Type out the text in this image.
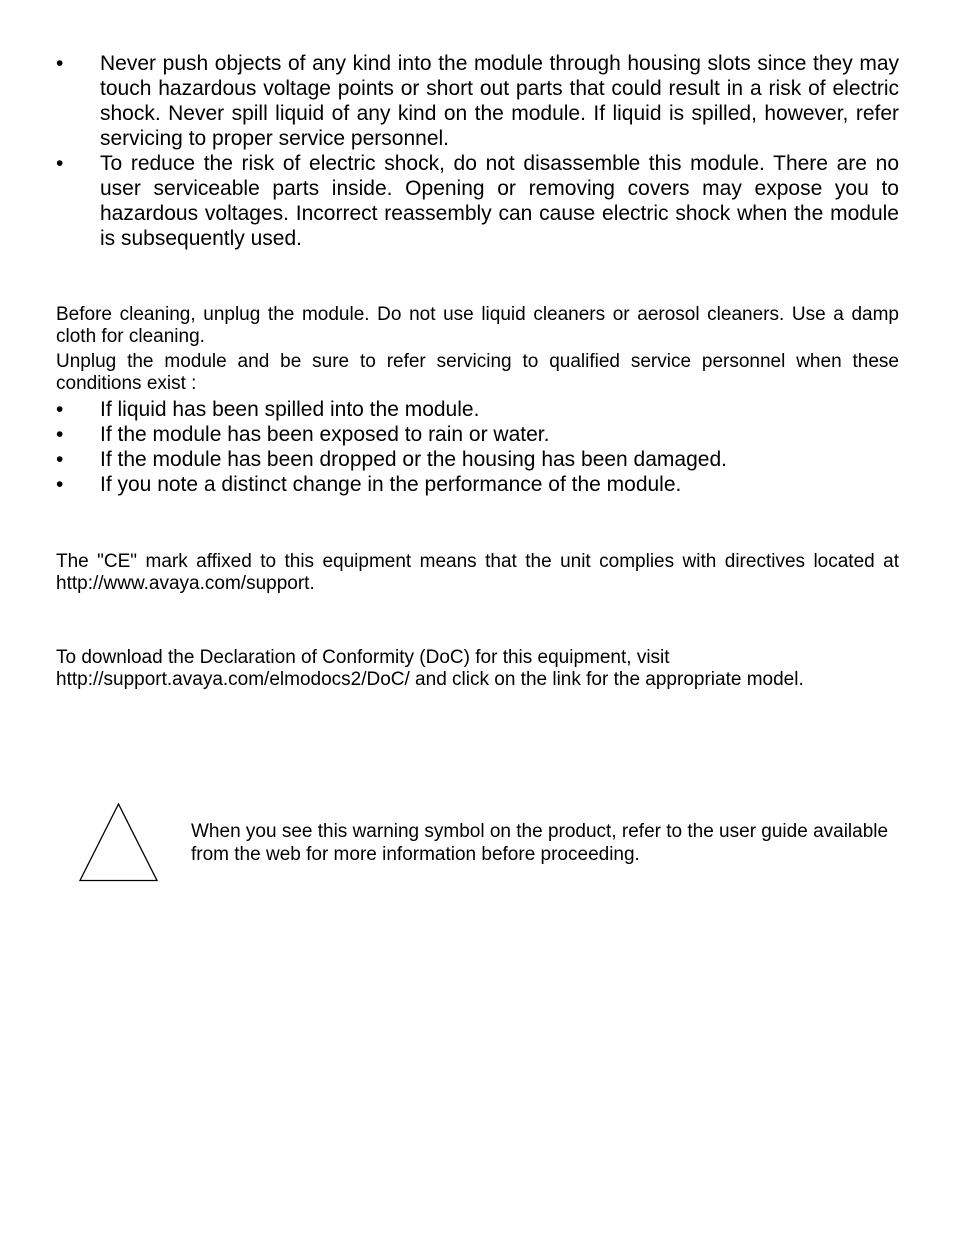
• Never push objects of any kind into the module through housing slots since they may touch hazardous voltage points or short out parts that could result in a risk of electric shock. Never spill liquid of any kind on the module. If liquid is spilled, however, refer servicing to proper service personnel.
• To reduce the risk of electric shock, do not disassemble this module. There are no user serviceable parts inside. Opening or removing covers may expose you to hazardous voltages. Incorrect reassembly can cause electric shock when the module is subsequently used.

Before cleaning, unplug the module. Do not use liquid cleaners or aerosol cleaners. Use a damp cloth for cleaning.

Unplug the module and be sure to refer servicing to qualified service personnel when these conditions exist :

• If liquid has been spilled into the module.
• If the module has been exposed to rain or water.
• If the module has been dropped or the housing has been damaged.
• If you note a distinct change in the performance of the module.

The "CE" mark affixed to this equipment means that the unit complies with directives located at http://www.avaya.com/support.

To download the Declaration of Conformity (DoC) for this equipment, visit

http://support.avaya.com/elmodocs2/DoC/ and click on the link for the appropriate model.

When you see this warning symbol on the product, refer to the user guide available from the web for more information before proceeding.
